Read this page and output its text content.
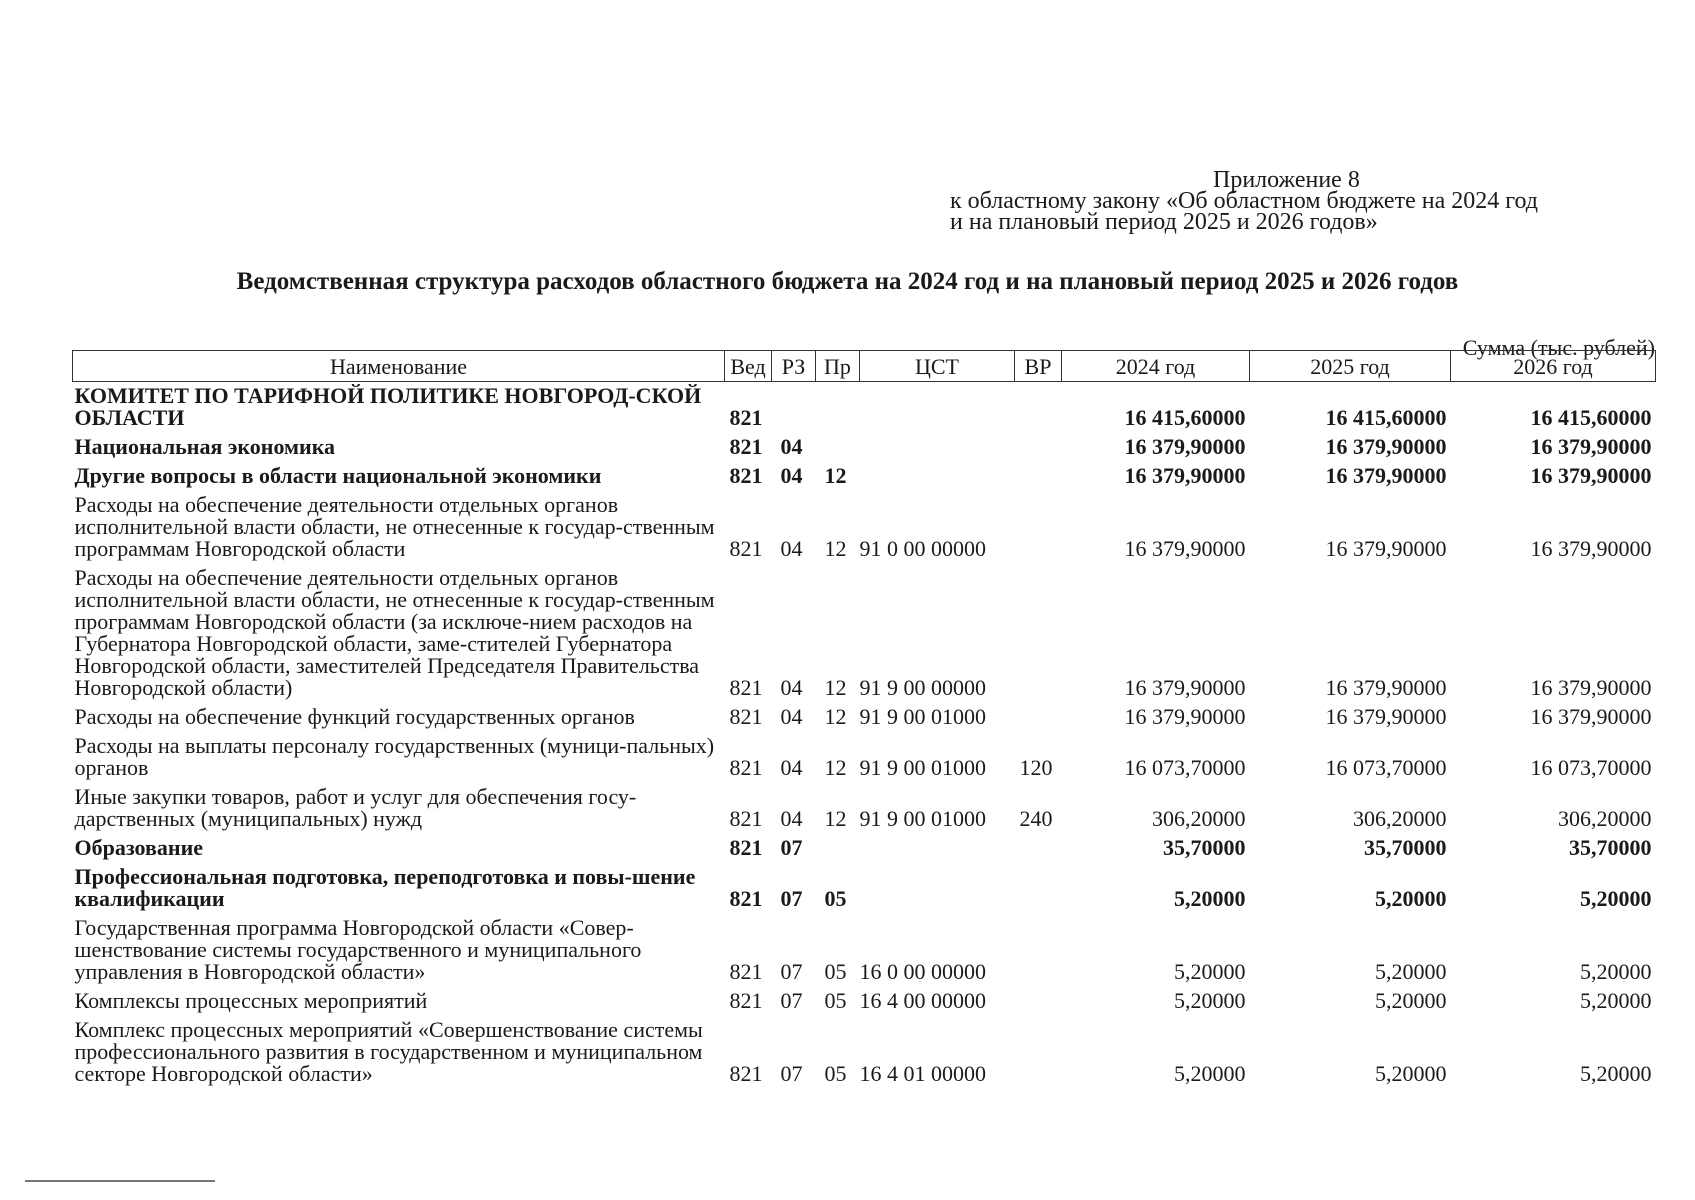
Приложение 8
к областному закону «Об областном бюджете на 2024 год
и на плановый период 2025 и 2026 годов»
Ведомственная структура расходов областного бюджета на 2024 год и на плановый период 2025 и 2026 годов
Сумма (тыс. рублей)
Наименование	Вед	РЗ	Пр	ЦСТ	ВР	2024 год	2025 год	2026 год
КОМИТЕТ ПО ТАРИФНОЙ ПОЛИТИКЕ НОВГОРОД-СКОЙ ОБЛАСТИ	821					16 415,60000	16 415,60000	16 415,60000
Национальная экономика	821	04				16 379,90000	16 379,90000	16 379,90000
Другие вопросы в области национальной экономики	821	04	12			16 379,90000	16 379,90000	16 379,90000
Расходы на обеспечение деятельности отдельных органов исполнительной власти области, не отнесенные к государ-ственным программам Новгородской области	821	04	12	91 0 00 00000		16 379,90000	16 379,90000	16 379,90000
Расходы на обеспечение деятельности отдельных органов исполнительной власти области, не отнесенные к государ-ственным программам Новгородской области (за исключе-нием расходов на Губернатора Новгородской области, заме-стителей Губернатора Новгородской области, заместителей Председателя Правительства Новгородской области)	821	04	12	91 9 00 00000		16 379,90000	16 379,90000	16 379,90000
Расходы на обеспечение функций государственных органов	821	04	12	91 9 00 01000		16 379,90000	16 379,90000	16 379,90000
Расходы на выплаты персоналу государственных (муници-пальных) органов	821	04	12	91 9 00 01000	120	16 073,70000	16 073,70000	16 073,70000
Иные закупки товаров, работ и услуг для обеспечения госу-дарственных (муниципальных) нужд	821	04	12	91 9 00 01000	240	306,20000	306,20000	306,20000
Образование	821	07				35,70000	35,70000	35,70000
Профессиональная подготовка, переподготовка и повы-шение квалификации	821	07	05			5,20000	5,20000	5,20000
Государственная программа Новгородской области «Совер-шенствование системы государственного и муниципального управления в Новгородской области»	821	07	05	16 0 00 00000		5,20000	5,20000	5,20000
Комплексы процессных мероприятий	821	07	05	16 4 00 00000		5,20000	5,20000	5,20000
Комплекс процессных мероприятий «Совершенствование системы профессионального развития в государственном и муниципальном секторе Новгородской области»	821	07	05	16 4 01 00000		5,20000	5,20000	5,20000
